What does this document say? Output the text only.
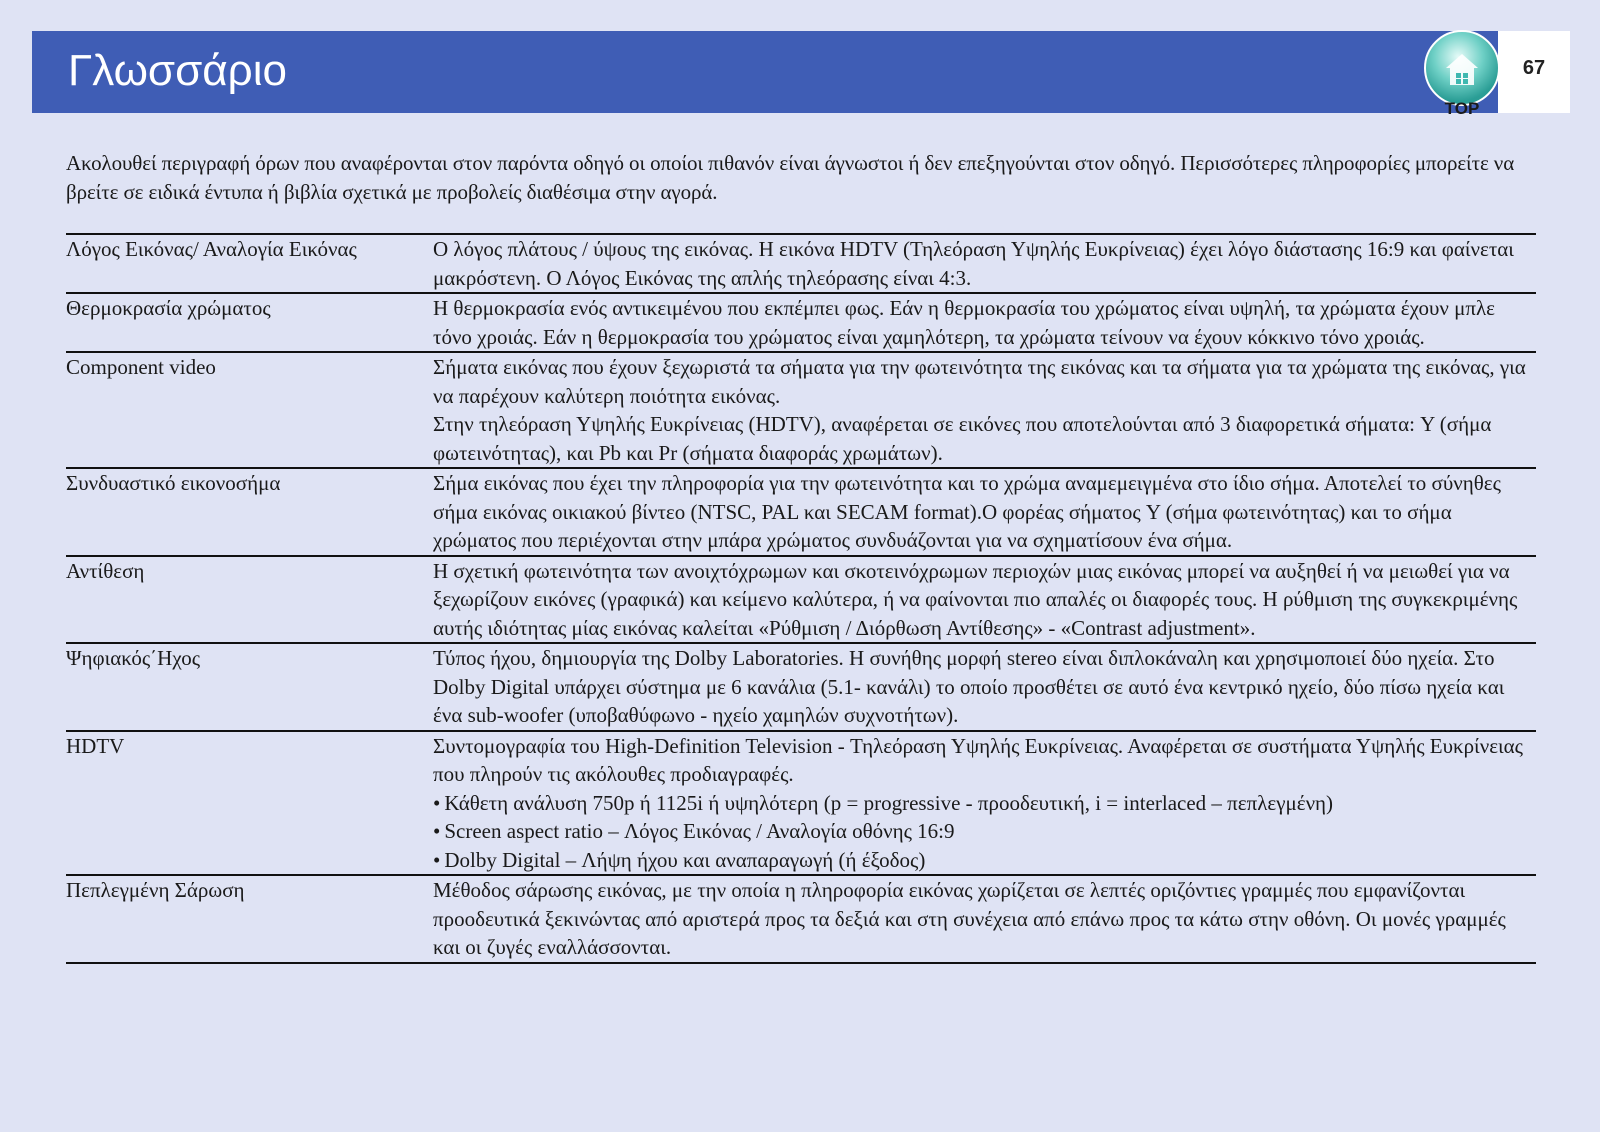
Γλωσσάριο
TOP
67
Ακολουθεί περιγραφή όρων που αναφέρονται στον παρόντα οδηγό οι οποίοι πιθανόν είναι άγνωστοι ή δεν επεξηγούνται στον οδηγό. Περισσότερες πληροφορίες μπορείτε να βρείτε σε ειδικά έντυπα ή βιβλία σχετικά με προβολείς διαθέσιμα στην αγορά.
Λόγος Εικόνας/ Αναλογία Εικόνας	Ο λόγος πλάτους / ύψους της εικόνας. Η εικόνα HDTV (Τηλεόραση Υψηλής Ευκρίνειας) έχει λόγο διάστασης 16:9 και φαίνεται μακρόστενη. Ο Λόγος Εικόνας της απλής τηλεόρασης είναι 4:3.

Θερμοκρασία χρώματος	Η θερμοκρασία ενός αντικειμένου που εκπέμπει φως. Εάν η θερμοκρασία του χρώματος είναι υψηλή, τα χρώματα έχουν μπλε τόνο χροιάς. Εάν η θερμοκρασία του χρώματος είναι χαμηλότερη, τα χρώματα τείνουν να έχουν κόκκινο τόνο χροιάς.

Component video	Σήματα εικόνας που έχουν ξεχωριστά τα σήματα για την φωτεινότητα της εικόνας και τα σήματα για τα χρώματα της εικόνας, για να παρέχουν καλύτερη ποιότητα εικόνας.
Στην τηλεόραση Υψηλής Ευκρίνειας (HDTV), αναφέρεται σε εικόνες που αποτελούνται από 3 διαφορετικά σήματα: Y (σήμα φωτεινότητας), και Pb και Pr (σήματα διαφοράς χρωμάτων).

Συνδυαστικό εικονοσήμα	Σήμα εικόνας που έχει την πληροφορία για την φωτεινότητα και το χρώμα αναμεμειγμένα στο ίδιο σήμα. Αποτελεί το σύνηθες σήμα εικόνας οικιακού βίντεο (NTSC, PAL και SECAM format).Ο φορέας σήματος Y (σήμα φωτεινότητας) και το σήμα χρώματος που περιέχονται στην μπάρα χρώματος συνδυάζονται για να σχηματίσουν ένα σήμα.

Αντίθεση	Η σχετική φωτεινότητα των ανοιχτόχρωμων και σκοτεινόχρωμων περιοχών μιας εικόνας μπορεί να αυξηθεί ή να μειωθεί για να ξεχωρίζουν εικόνες (γραφικά) και κείμενο καλύτερα, ή να φαίνονται πιο απαλές οι διαφορές τους. Η ρύθμιση της συγκεκριμένης αυτής ιδιότητας μίας εικόνας καλείται «Ρύθμιση / Διόρθωση Αντίθεσης» - «Contrast adjustment».

Ψηφιακός΄Ηχος	Τύπος ήχου, δημιουργία της Dolby Laboratories. Η συνήθης μορφή stereo είναι διπλοκάναλη και χρησιμοποιεί δύο ηχεία. Στο Dolby Digital υπάρχει σύστημα με 6 κανάλια (5.1- κανάλι) το οποίο προσθέτει σε αυτό ένα κεντρικό ηχείο, δύο πίσω ηχεία και ένα sub-woofer (υποβαθύφωνο - ηχείο χαμηλών συχνοτήτων).

HDTV	Συντομογραφία του High-Definition Television - Τηλεόραση Υψηλής Ευκρίνειας. Αναφέρεται σε συστήματα Υψηλής Ευκρίνειας που πληρούν τις ακόλουθες προδιαγραφές.
• Κάθετη ανάλυση 750p ή 1125i ή υψηλότερη (p = progressive - προοδευτική, i = interlaced – πεπλεγμένη)
• Screen aspect ratio – Λόγος Εικόνας / Αναλογία οθόνης 16:9
• Dolby Digital – Λήψη ήχου και αναπαραγωγή (ή έξοδος)

Πεπλεγμένη Σάρωση	Μέθοδος σάρωσης εικόνας, με την οποία η πληροφορία εικόνας χωρίζεται σε λεπτές οριζόντιες γραμμές που εμφανίζονται προοδευτικά ξεκινώντας από αριστερά προς τα δεξιά και στη συνέχεια από επάνω προς τα κάτω στην οθόνη. Οι μονές γραμμές και οι ζυγές εναλλάσσονται.
